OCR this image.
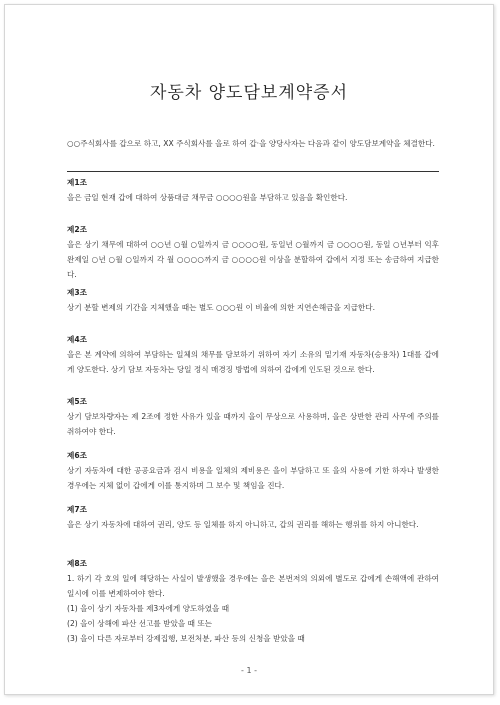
자동차 양도담보계약증서
○○주식회사를 갑으로 하고, XX 주식회사를 을로 하여 갑·을 양당사자는 다음과 같이 양도담보계약을 체결한다.
제1조
을은 금일 현재 갑에 대하여 상품대금 채무금 ○○○○원을 부담하고 있음을 확인한다.
제2조
을은 상기 채무에 대하여 ○○년 ○월 ○일까지 금 ○○○○원, 동일년 ○월까지 금 ○○○○원, 동일 ○년부터 익후 완제일 ○년 ○월 ○일까지 각 월 ○○○○까지 금 ○○○○원 이상을 분할하여 갑에서 지정 또는 송금하여 지급한다.
제3조
상기 분할 변제의 기간을 지체했을 때는 별도 ○○○원 이 비율에 의한 지연손해금을 지급한다.
제4조
을은 본 계약에 의하여 부담하는 일체의 채무를 담보하기 위하여 자기 소유의 밑기재 자동차(승용차) 1대를 갑에게 양도한다. 상기 담보 자동차는 당일 정식 매경징 방법에 의하여 갑에게 인도된 것으로 한다.
제5조
상기 담보차량자는 제 2조에 정한 사유가 있을 때까지 을이 무상으로 사용하며, 을은 상반한 관리 사무에 주의를 쥐하여야 한다.
제6조
상기 자동차에 대한 공공요금과 검시 비용을 일체의 제비용은 을이 부담하고 또 을의 사용에 기한 하자나 발생한 경우에는 지체 없이 갑에게 이를 통지하며 그 보수 및 책임을 진다.
제7조
을은 상기 자동차에 대하여 권리, 양도 등 일체를 하지 아니하고, 갑의 권리를 해하는 행위를 하지 아니한다.
제8조
1. 하기 각 호의 일에 해당하는 사실이 발생했을 경우에는 을은 본번저의 의외에 별도로 갑에게 손해액에 관하여 일시에 이를 변제하여야 한다.
(1) 을이 상기 자동차를 제3자에게 양도하였을 때
(2) 을이 상해에 파산 선고를 받았을 때 또는
(3) 을이 다른 자로부터 강제집행, 보전처분, 파산 등의 신청을 받았을 때
- 1 -
